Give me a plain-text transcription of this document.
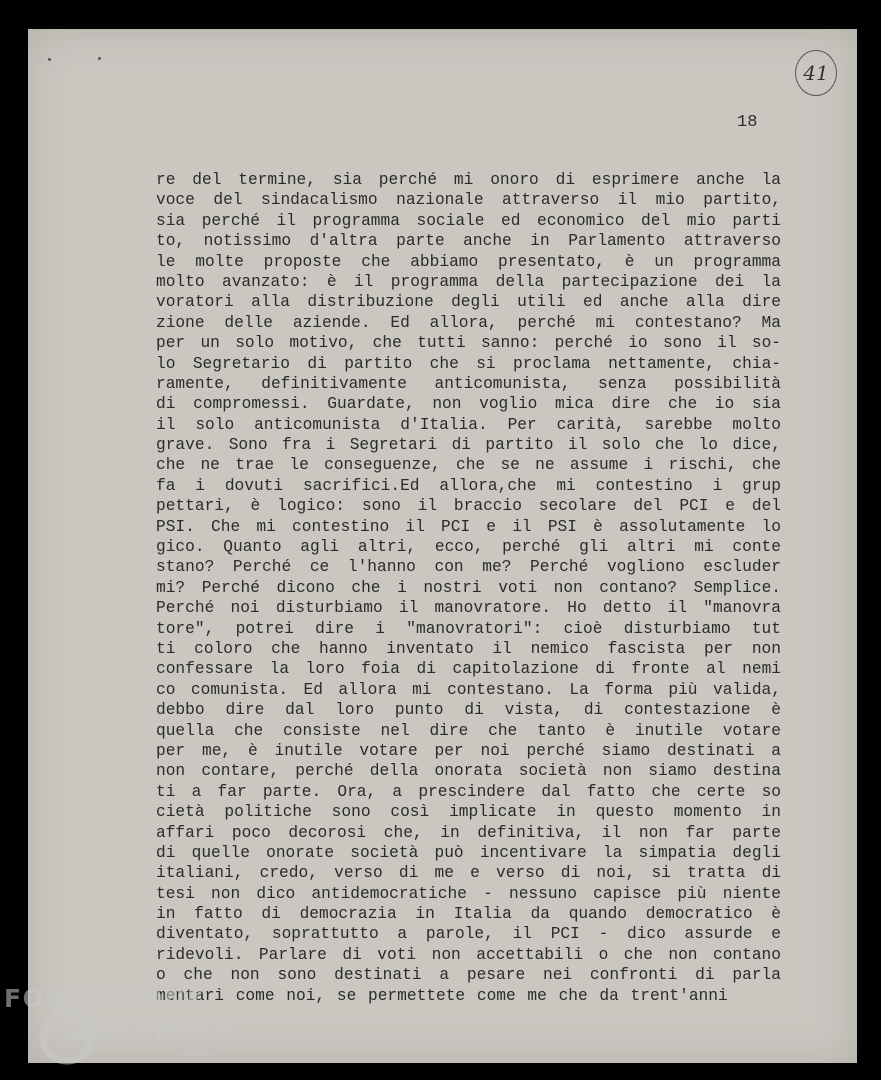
41
18
re del termine, sia perché mi onoro di esprimere anche la
voce del sindacalismo nazionale attraverso il mio partito,
sia perché il programma sociale ed economico del mio parti
to, notissimo d'altra parte anche in Parlamento attraverso
le molte proposte che abbiamo presentato, è un programma
molto avanzato: è il programma della partecipazione dei la
voratori alla distribuzione degli utili ed anche alla dire
zione delle aziende. Ed allora, perché mi contestano? Ma
per un solo motivo, che tutti sanno: perché io sono il so-
lo Segretario di partito che si proclama nettamente, chia-
ramente, definitivamente anticomunista, senza possibilità
di compromessi. Guardate, non voglio mica dire che io sia
il solo anticomunista d'Italia. Per carità, sarebbe molto
grave. Sono fra i Segretari di partito il solo che lo dice,
che ne trae le conseguenze, che se ne assume i rischi, che
fa i dovuti sacrifici.Ed allora,che mi contestino i grup
pettari, è logico: sono il braccio secolare del PCI e del
PSI. Che mi contestino il PCI e il PSI è assolutamente lo
gico. Quanto agli altri, ecco, perché gli altri mi conte
stano? Perché ce l'hanno con me? Perché vogliono escluder
mi? Perché dicono che i nostri voti non contano? Semplice.
Perché noi disturbiamo il manovratore. Ho detto il "manovra
tore", potrei dire i "manovratori": cioè disturbiamo tut
ti coloro che hanno inventato il nemico fascista per non
confessare la loro foia di capitolazione di fronte al nemi
co comunista. Ed allora mi contestano. La forma più valida,
debbo dire dal loro punto di vista, di contestazione è
quella che consiste nel dire che tanto è inutile votare
per me, è inutile votare per noi perché siamo destinati a
non contare, perché della onorata società non siamo destina
ti a far parte. Ora, a prescindere dal fatto che certe so
cietà politiche sono così implicate in questo momento in
affari poco decorosi che, in definitiva, il non far parte
di quelle onorate società può incentivare la simpatia degli
italiani, credo, verso di me e verso di noi, si tratta di
tesi non dico antidemocratiche - nessuno capisce più niente
in fatto di democrazia in Italia da quando democratico è
diventato, soprattutto a parole, il PCI - dico assurde e
ridevoli. Parlare di voti non accettabili o che non contano
o che non sono destinati a pesare nei confronti di parla
mentari come noi, se permettete come me che da trent'anni
FONDAZIONE
GRAMSCI
onlus
